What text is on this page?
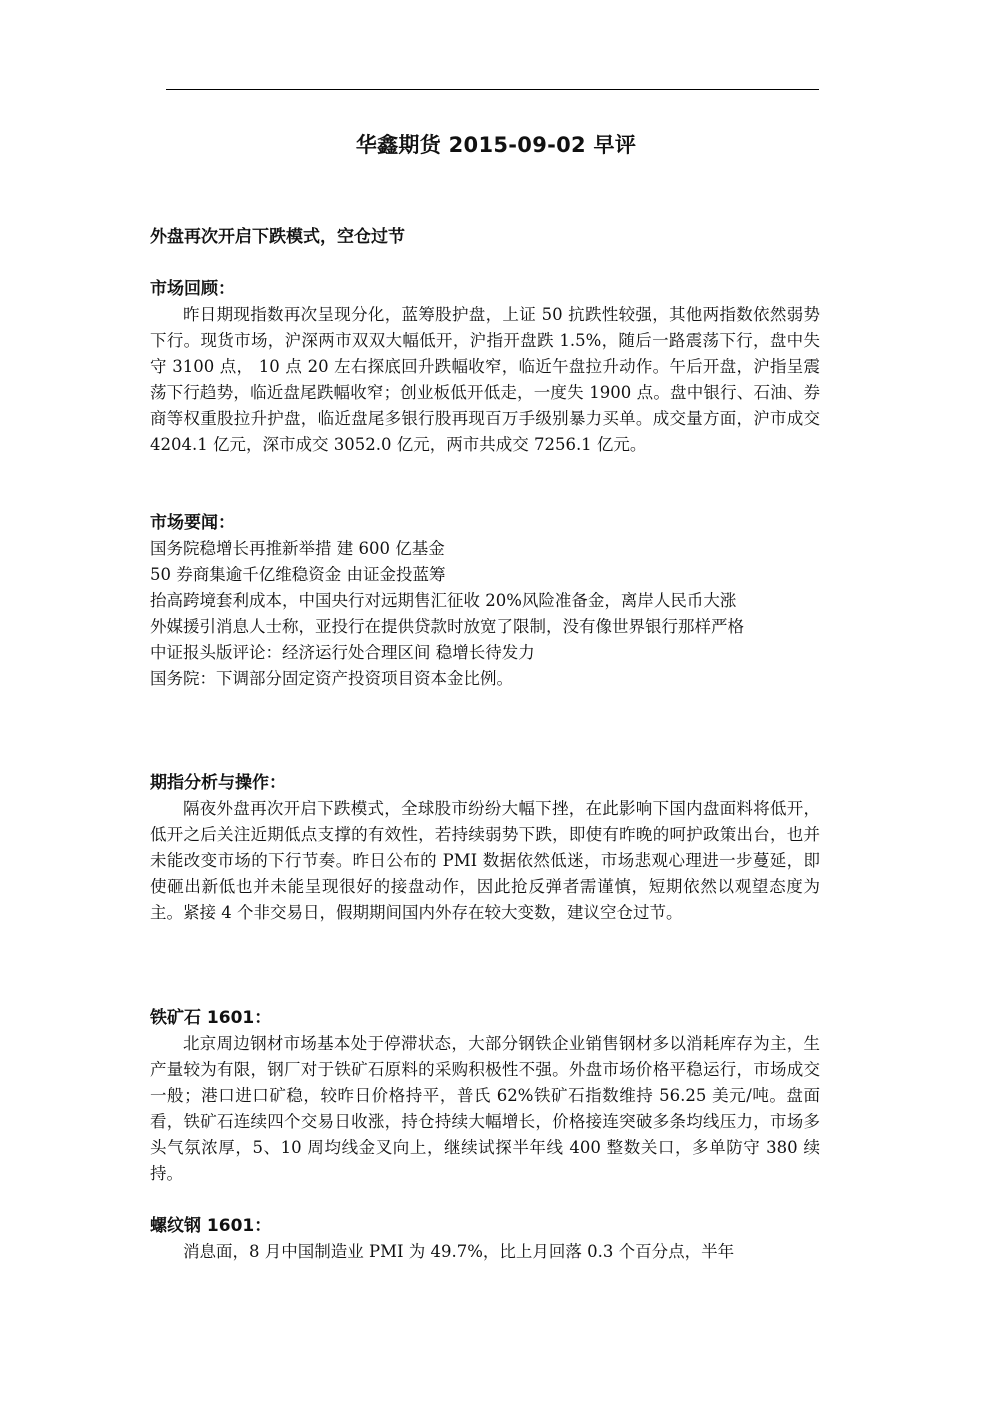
华鑫期货 2015-09-02 早评
外盘再次开启下跌模式，空仓过节
市场回顾：

昨日期现指数再次呈现分化，蓝筹股护盘，上证 50 抗跌性较强，其他两指数依然弱势下行。现货市场，沪深两市双双大幅低开，沪指开盘跌 1.5%，随后一路震荡下行，盘中失守 3100 点， 10 点 20 左右探底回升跌幅收窄，临近午盘拉升动作。午后开盘，沪指呈震荡下行趋势，临近盘尾跌幅收窄；创业板低开低走，一度失 1900 点。盘中银行、石油、券商等权重股拉升护盘，临近盘尾多银行股再现百万手级别暴力买单。成交量方面，沪市成交 4204.1 亿元，深市成交 3052.0 亿元，两市共成交 7256.1 亿元。

市场要闻：
国务院稳增长再推新举措 建 600 亿基金
50 券商集逾千亿维稳资金 由证金投蓝筹
抬高跨境套利成本，中国央行对远期售汇征收 20%风险准备金，离岸人民币大涨
外媒援引消息人士称，亚投行在提供贷款时放宽了限制，没有像世界银行那样严格
中证报头版评论：经济运行处合理区间 稳增长待发力
国务院：下调部分固定资产投资项目资本金比例。
期指分析与操作：

隔夜外盘再次开启下跌模式，全球股市纷纷大幅下挫，在此影响下国内盘面料将低开，低开之后关注近期低点支撑的有效性，若持续弱势下跌，即使有昨晚的呵护政策出台，也并未能改变市场的下行节奏。昨日公布的 PMI 数据依然低迷，市场悲观心理进一步蔓延，即使砸出新低也并未能呈现很好的接盘动作，因此抢反弹者需谨慎，短期依然以观望态度为主。紧接 4 个非交易日，假期期间国内外存在较大变数，建议空仓过节。

铁矿石 1601：

北京周边钢材市场基本处于停滞状态，大部分钢铁企业销售钢材多以消耗库存为主，生产量较为有限，钢厂对于铁矿石原料的采购积极性不强。外盘市场价格平稳运行，市场成交一般；港口进口矿稳，较昨日价格持平，普氏 62%铁矿石指数维持 56.25 美元/吨。盘面看，铁矿石连续四个交易日收涨，持仓持续大幅增长，价格接连突破多条均线压力，市场多头气氛浓厚，5、10 周均线金叉向上，继续试探半年线 400 整数关口，多单防守 380 续持。

螺纹钢 1601：

消息面，8 月中国制造业 PMI 为 49.7%，比上月回落 0.3 个百分点，半年
